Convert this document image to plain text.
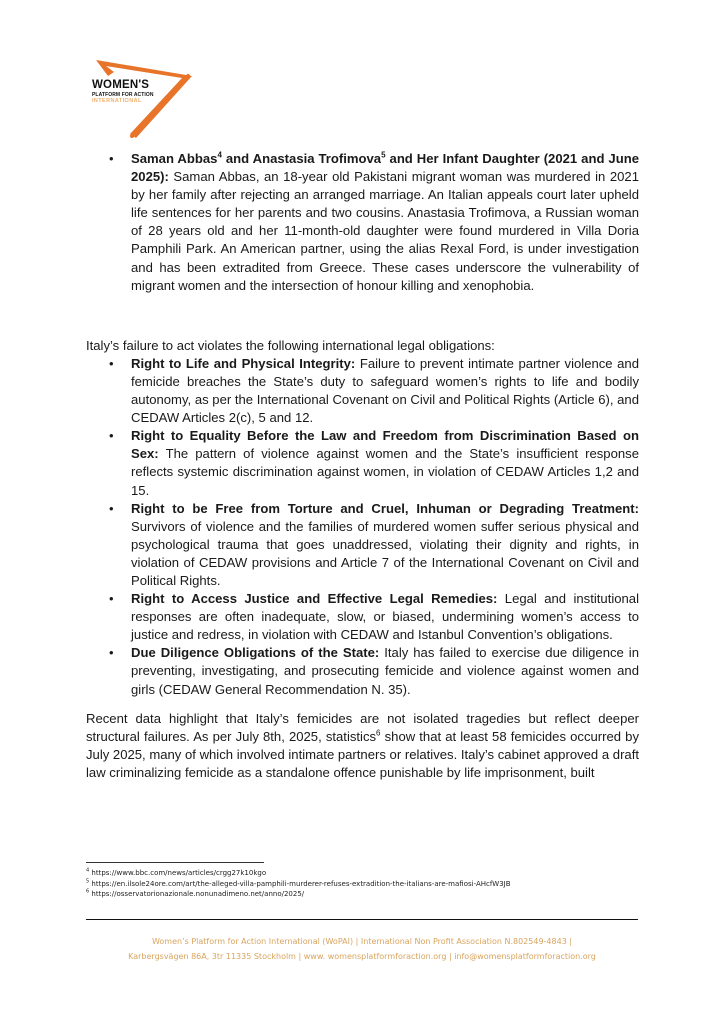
WOMEN'S
PLATFORM FOR ACTION
INTERNATIONAL
• Saman Abbas$^4$ and Anastasia Trofimova$^5$ and Her Infant Daughter (2021 and June 2025): Saman Abbas, an 18-year old Pakistani migrant woman was murdered in 2021 by her family after rejecting an arranged marriage. An Italian appeals court later upheld life sentences for her parents and two cousins. Anastasia Trofimova, a Russian woman of 28 years old and her 11-month-old daughter were found murdered in Villa Doria Pamphili Park. An American partner, using the alias Rexal Ford, is under investigation and has been extradited from Greece. These cases underscore the vulnerability of migrant women and the intersection of honour killing and xenophobia.

Italy’s failure to act violates the following international legal obligations:

• Right to Life and Physical Integrity: Failure to prevent intimate partner violence and femicide breaches the State’s duty to safeguard women’s rights to life and bodily autonomy, as per the International Covenant on Civil and Political Rights (Article 6), and CEDAW Articles 2(c), 5 and 12.
• Right to Equality Before the Law and Freedom from Discrimination Based on Sex: The pattern of violence against women and the State’s insufficient response reflects systemic discrimination against women, in violation of CEDAW Articles 1,2 and 15.
• Right to be Free from Torture and Cruel, Inhuman or Degrading Treatment: Survivors of violence and the families of murdered women suffer serious physical and psychological trauma that goes unaddressed, violating their dignity and rights, in violation of CEDAW provisions and Article 7 of the International Covenant on Civil and Political Rights.
• Right to Access Justice and Effective Legal Remedies: Legal and institutional responses are often inadequate, slow, or biased, undermining women’s access to justice and redress, in violation with CEDAW and Istanbul Convention’s obligations.
• Due Diligence Obligations of the State: Italy has failed to exercise due diligence in preventing, investigating, and prosecuting femicide and violence against women and girls (CEDAW General Recommendation N. 35).

Recent data highlight that Italy’s femicides are not isolated tragedies but reflect deeper structural failures. As per July 8th, 2025, statistics$^6$ show that at least 58 femicides occurred by July 2025, many of which involved intimate partners or relatives. Italy’s cabinet approved a draft law criminalizing femicide as a standalone offence punishable by life imprisonment, built

$^4$ https://www.bbc.com/news/articles/crgg27k10kgo
$^5$ https://en.ilsole24ore.com/art/the-alleged-villa-pamphili-murderer-refuses-extradition-the-italians-are-mafiosi-AHcfW3JB
$^6$ https://osservatorionazionale.nonunadimeno.net/anno/2025/
Women’s Platform for Action International (WoPAI) | International Non Profit Association N.802549-4843 |
Karbergsvägen 86A, 3tr 11335 Stockholm | www. womensplatformforaction.org | info@womensplatformforaction.org
